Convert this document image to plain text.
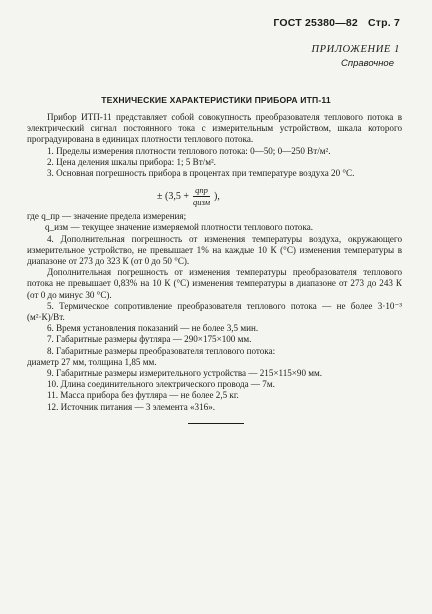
ГОСТ 25380—82 Стр. 7
ПРИЛОЖЕНИЕ 1
Справочное
ТЕХНИЧЕСКИЕ ХАРАКТЕРИСТИКИ ПРИБОРА ИТП-11

Прибор ИТП-11 представляет собой совокупность преобразователя теплового потока в электрический сигнал постоянного тока с измерительным устройством, шкала которого проградуирована в единицах плотности теплового потока.

1. Пределы измерения плотности теплового потока: 0—50; 0—250 Вт/м².

2. Цена деления шкалы прибора: 1; 5 Вт/м².

3. Основная погрешность прибора в процентах при температуре воздуха 20 °С.

± ($3,5 + \frac{\text{qпр}}{\text{qизм}}$ ),

где q_пр — значение предела измерения;

q_изм — текущее значение измеряемой плотности теплового потока.

4. Дополнительная погрешность от изменения температуры воздуха, окружающего измерительное устройство, не превышает 1% на каждые 10 К (°С) изменения температуры в диапазоне от 273 до 323 К (от 0 до 50 °С).

Дополнительная погрешность от изменения температуры преобразователя теплового потока не превышает 0,83% на 10 К (°С) изменения температуры в диапазоне от 273 до 243 К (от 0 до минус 30 °С).

5. Термическое сопротивление преобразователя теплового потока — не более 3·10⁻³ (м²·К)/Вт.

6. Время установления показаний — не более 3,5 мин.

7. Габаритные размеры футляра — 290×175×100 мм.

8. Габаритные размеры преобразователя теплового потока:

диаметр 27 мм, толщина 1,85 мм.

9. Габаритные размеры измерительного устройства — 215×115×90 мм.

10. Длина соединительного электрического провода — 7м.

11. Масса прибора без футляра — не более 2,5 кг.

12. Источник питания — 3 элемента «316».
